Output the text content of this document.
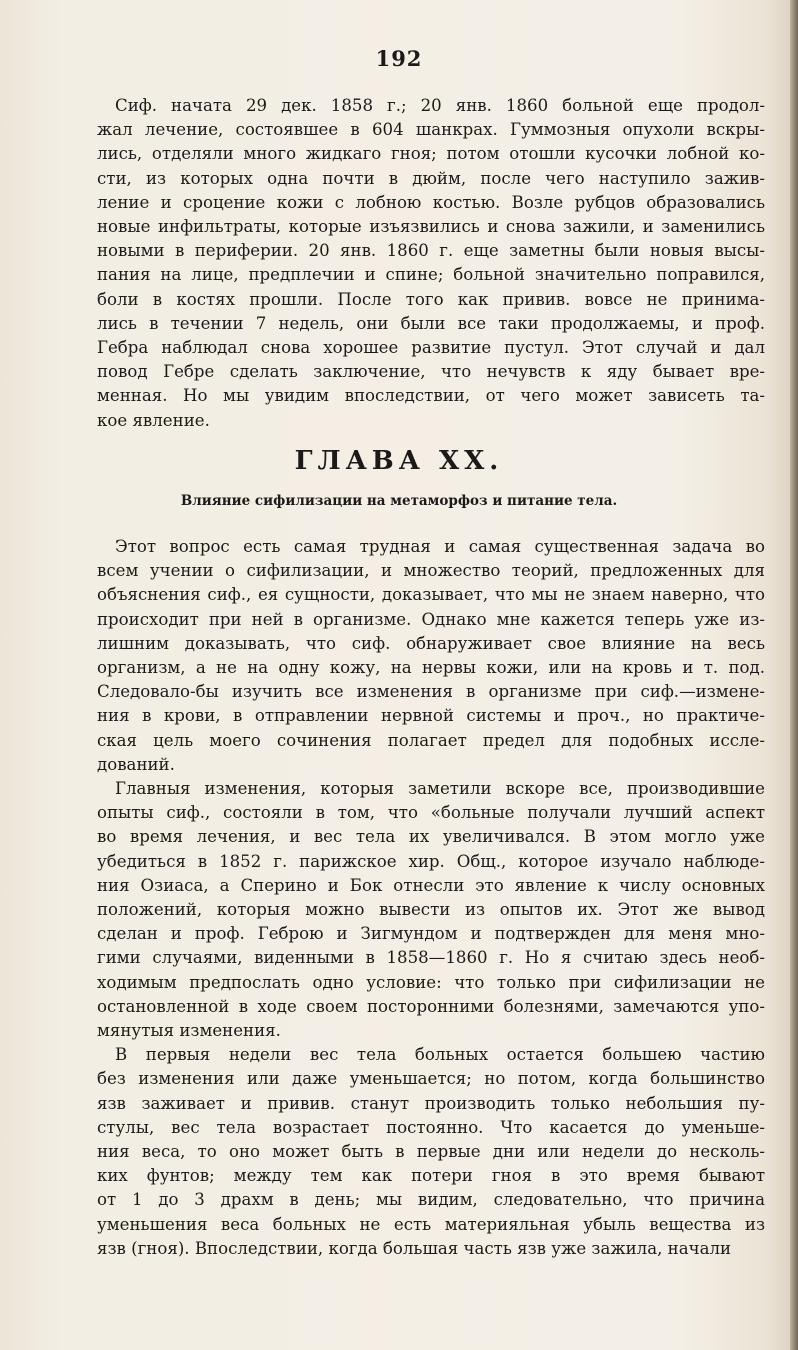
192
Сиф. начата 29 дек. 1858 г.; 20 янв. 1860 больной еще продол-
жал лечение, состоявшее в 604 шанкрах. Гуммозныя опухоли вскры-
лись, отделяли много жидкаго гноя; потом отошли кусочки лобной ко-
сти, из которых одна почти в дюйм, после чего наступило зажив-
ление и сроцение кожи с лобною костью. Возле рубцов образовались
новые инфильтраты, которые изъязвились и снова зажили, и заменились
новыми в периферии. 20 янв. 1860 г. еще заметны были новыя высы-
пания на лице, предплечии и спине; больной значительно поправился,
боли в костях прошли. После того как привив. вовсе не принима-
лись в течении 7 недель, они были все таки продолжаемы, и проф.
Гебра наблюдал снова хорошее развитие пустул. Этот случай и дал
повод Гебре сделать заключение, что нечувств к яду бывает вре-
менная. Но мы увидим впоследствии, от чего может зависеть та-
кое явление.
ГЛАВА XX.
Влияние сифилизации на метаморфоз и питание тела.
Этот вопрос есть самая трудная и самая существенная задача во
всем учении о сифилизации, и множество теорий, предложенных для
объяснения сиф., ея сущности, доказывает, что мы не знаем наверно, что
происходит при ней в организме. Однако мне кажется теперь уже из-
лишним доказывать, что сиф. обнаруживает свое влияние на весь
организм, а не на одну кожу, на нервы кожи, или на кровь и т. под.
Следовало-бы изучить все изменения в организме при сиф.—измене-
ния в крови, в отправлении нервной системы и проч., но практиче-
ская цель моего сочинения полагает предел для подобных иссле-
дований.
Главныя изменения, которыя заметили вскоре все, производившие
опыты сиф., состояли в том, что «больные получали лучший аспект
во время лечения, и вес тела их увеличивался. В этом могло уже
убедиться в 1852 г. парижское хир. Общ., которое изучало наблюде-
ния Озиаса, а Сперино и Бок отнесли это явление к числу основных
положений, которыя можно вывести из опытов их. Этот же вывод
сделан и проф. Геброю и Зигмундом и подтвержден для меня мно-
гими случаями, виденными в 1858—1860 г. Но я считаю здесь необ-
ходимым предпослать одно условие: что только при сифилизации не
остановленной в ходе своем посторонними болезнями, замечаются упо-
мянутыя изменения.
В первыя недели вес тела больных остается большею частию
без изменения или даже уменьшается; но потом, когда большинство
язв заживает и привив. станут производить только небольшия пу-
стулы, вес тела возрастает постоянно. Что касается до уменьше-
ния веса, то оно может быть в первые дни или недели до несколь-
ких фунтов; между тем как потери гноя в это время бывают
от 1 до 3 драхм в день; мы видим, следовательно, что причина
уменьшения веса больных не есть материяльная убыль вещества из
язв (гноя). Впоследствии, когда большая часть язв уже зажила, начали
